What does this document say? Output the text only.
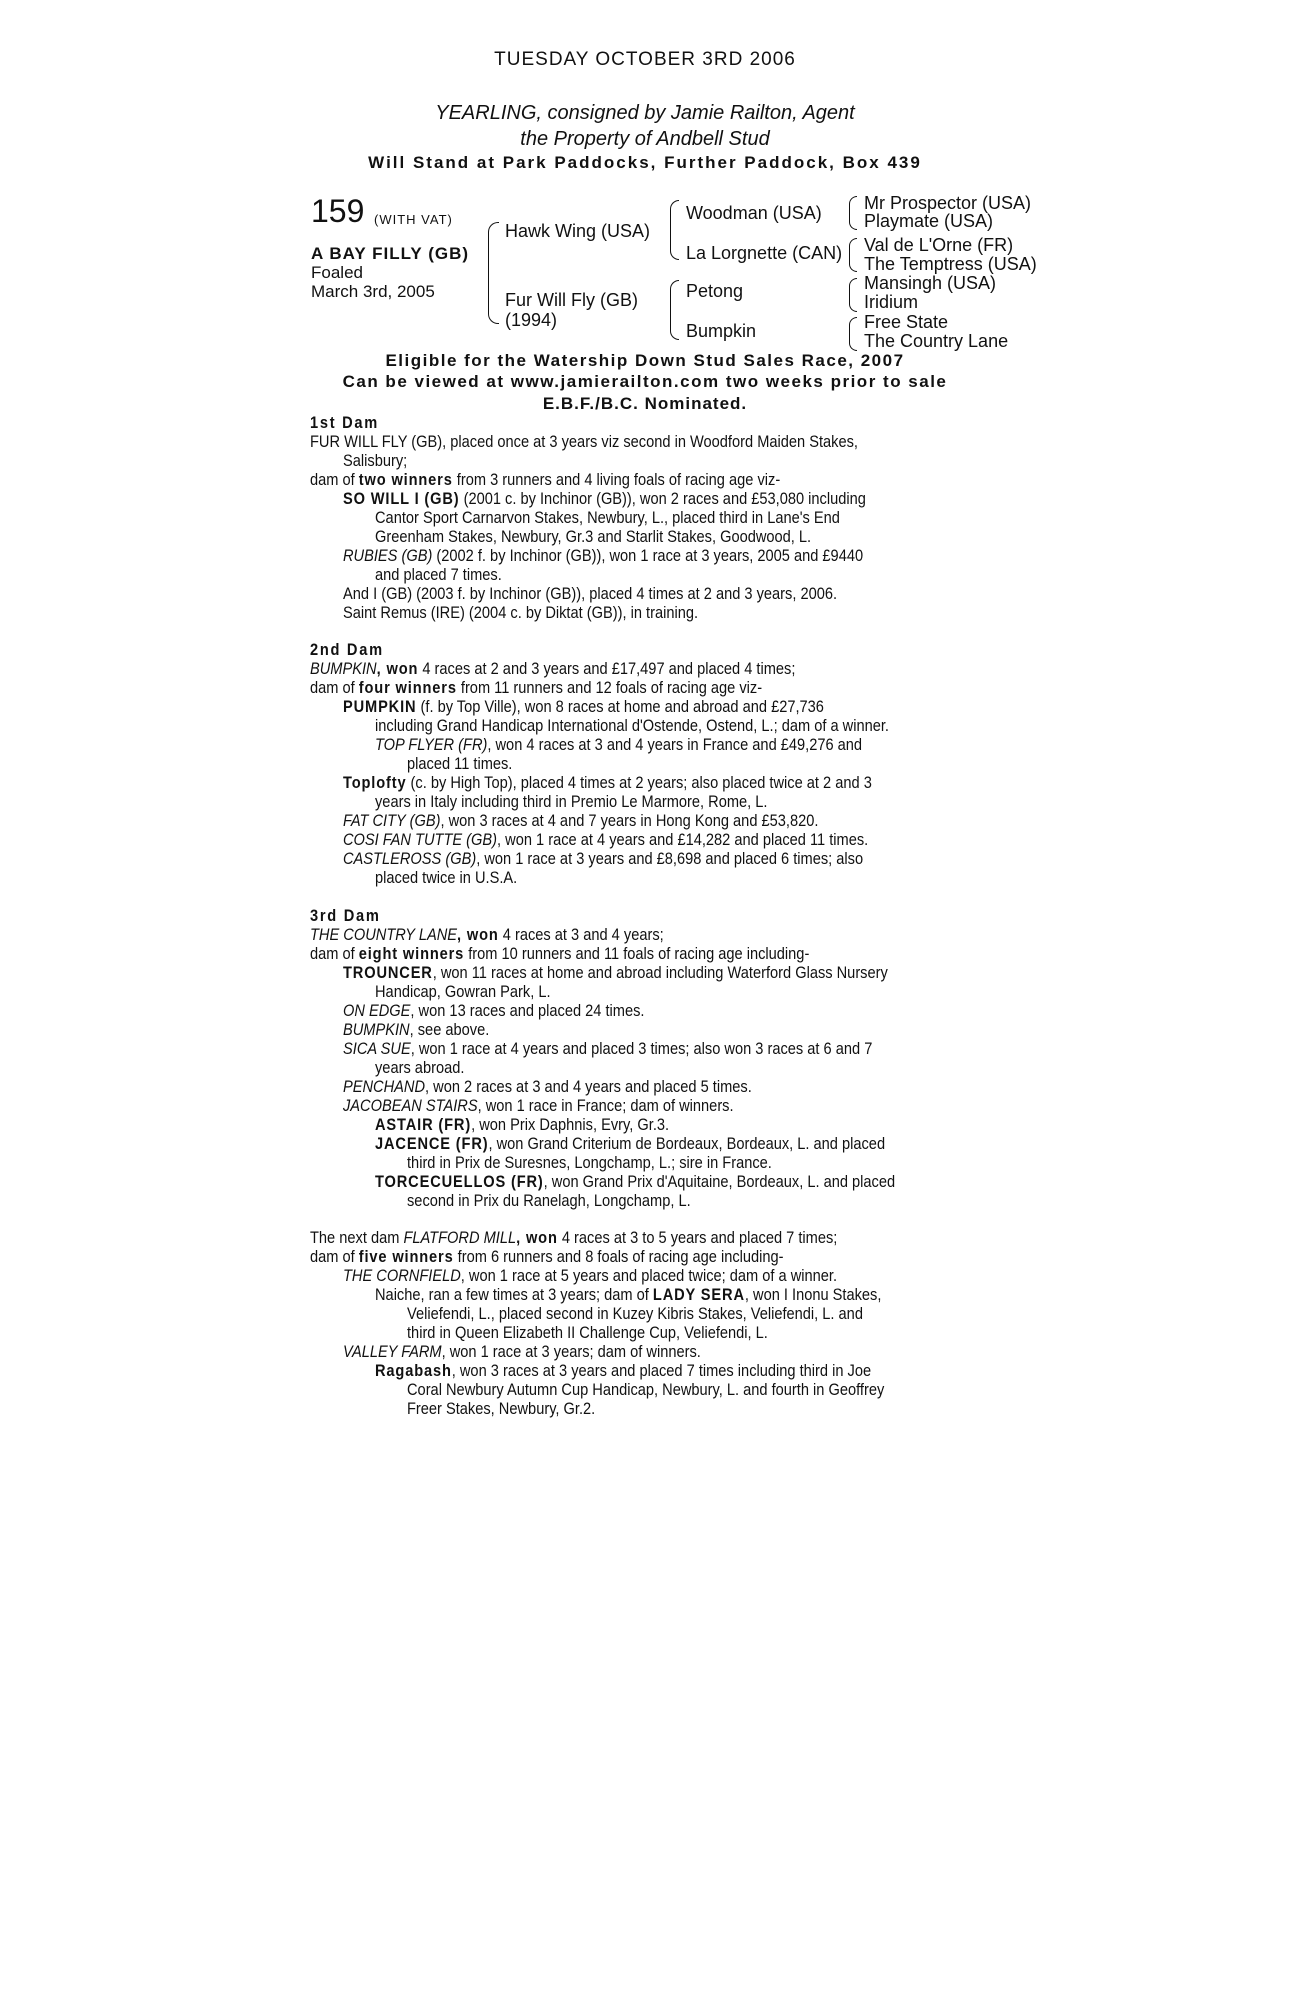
TUESDAY OCTOBER 3RD 2006
YEARLING, consigned by Jamie Railton, Agent
the Property of Andbell Stud
Will Stand at Park Paddocks, Further Paddock, Box 439
159 (WITH VAT)
A BAY FILLY (GB)
Foaled
March 3rd, 2005
Hawk Wing (USA)
Fur Will Fly (GB)
(1994)
Woodman (USA)
La Lorgnette (CAN)
Petong
Bumpkin
Mr Prospector (USA)
Playmate (USA)
Val de L'Orne (FR)
The Temptress (USA)
Mansingh (USA)
Iridium
Free State
The Country Lane
Eligible for the Watership Down Stud Sales Race, 2007
Can be viewed at www.jamierailton.com two weeks prior to sale
E.B.F./B.C. Nominated.
1st Dam
FUR WILL FLY (GB), placed once at 3 years viz second in Woodford Maiden Stakes,
Salisbury;
dam of two winners from 3 runners and 4 living foals of racing age viz-
SO WILL I (GB) (2001 c. by Inchinor (GB)), won 2 races and £53,080 including
Cantor Sport Carnarvon Stakes, Newbury, L., placed third in Lane's End
Greenham Stakes, Newbury, Gr.3 and Starlit Stakes, Goodwood, L.
RUBIES (GB) (2002 f. by Inchinor (GB)), won 1 race at 3 years, 2005 and £9440
and placed 7 times.
And I (GB) (2003 f. by Inchinor (GB)), placed 4 times at 2 and 3 years, 2006.
Saint Remus (IRE) (2004 c. by Diktat (GB)), in training.
2nd Dam
BUMPKIN, won 4 races at 2 and 3 years and £17,497 and placed 4 times;
dam of four winners from 11 runners and 12 foals of racing age viz-
PUMPKIN (f. by Top Ville), won 8 races at home and abroad and £27,736
including Grand Handicap International d'Ostende, Ostend, L.; dam of a winner.
TOP FLYER (FR), won 4 races at 3 and 4 years in France and £49,276 and
placed 11 times.
Toplofty (c. by High Top), placed 4 times at 2 years; also placed twice at 2 and 3
years in Italy including third in Premio Le Marmore, Rome, L.
FAT CITY (GB), won 3 races at 4 and 7 years in Hong Kong and £53,820.
COSI FAN TUTTE (GB), won 1 race at 4 years and £14,282 and placed 11 times.
CASTLEROSS (GB), won 1 race at 3 years and £8,698 and placed 6 times; also
placed twice in U.S.A.
3rd Dam
THE COUNTRY LANE, won 4 races at 3 and 4 years;
dam of eight winners from 10 runners and 11 foals of racing age including-
TROUNCER, won 11 races at home and abroad including Waterford Glass Nursery
Handicap, Gowran Park, L.
ON EDGE, won 13 races and placed 24 times.
BUMPKIN, see above.
SICA SUE, won 1 race at 4 years and placed 3 times; also won 3 races at 6 and 7
years abroad.
PENCHAND, won 2 races at 3 and 4 years and placed 5 times.
JACOBEAN STAIRS, won 1 race in France; dam of winners.
ASTAIR (FR), won Prix Daphnis, Evry, Gr.3.
JACENCE (FR), won Grand Criterium de Bordeaux, Bordeaux, L. and placed
third in Prix de Suresnes, Longchamp, L.; sire in France.
TORCECUELLOS (FR), won Grand Prix d'Aquitaine, Bordeaux, L. and placed
second in Prix du Ranelagh, Longchamp, L.
The next dam FLATFORD MILL, won 4 races at 3 to 5 years and placed 7 times;
dam of five winners from 6 runners and 8 foals of racing age including-
THE CORNFIELD, won 1 race at 5 years and placed twice; dam of a winner.
Naiche, ran a few times at 3 years; dam of LADY SERA, won I Inonu Stakes,
Veliefendi, L., placed second in Kuzey Kibris Stakes, Veliefendi, L. and
third in Queen Elizabeth II Challenge Cup, Veliefendi, L.
VALLEY FARM, won 1 race at 3 years; dam of winners.
Ragabash, won 3 races at 3 years and placed 7 times including third in Joe
Coral Newbury Autumn Cup Handicap, Newbury, L. and fourth in Geoffrey
Freer Stakes, Newbury, Gr.2.
